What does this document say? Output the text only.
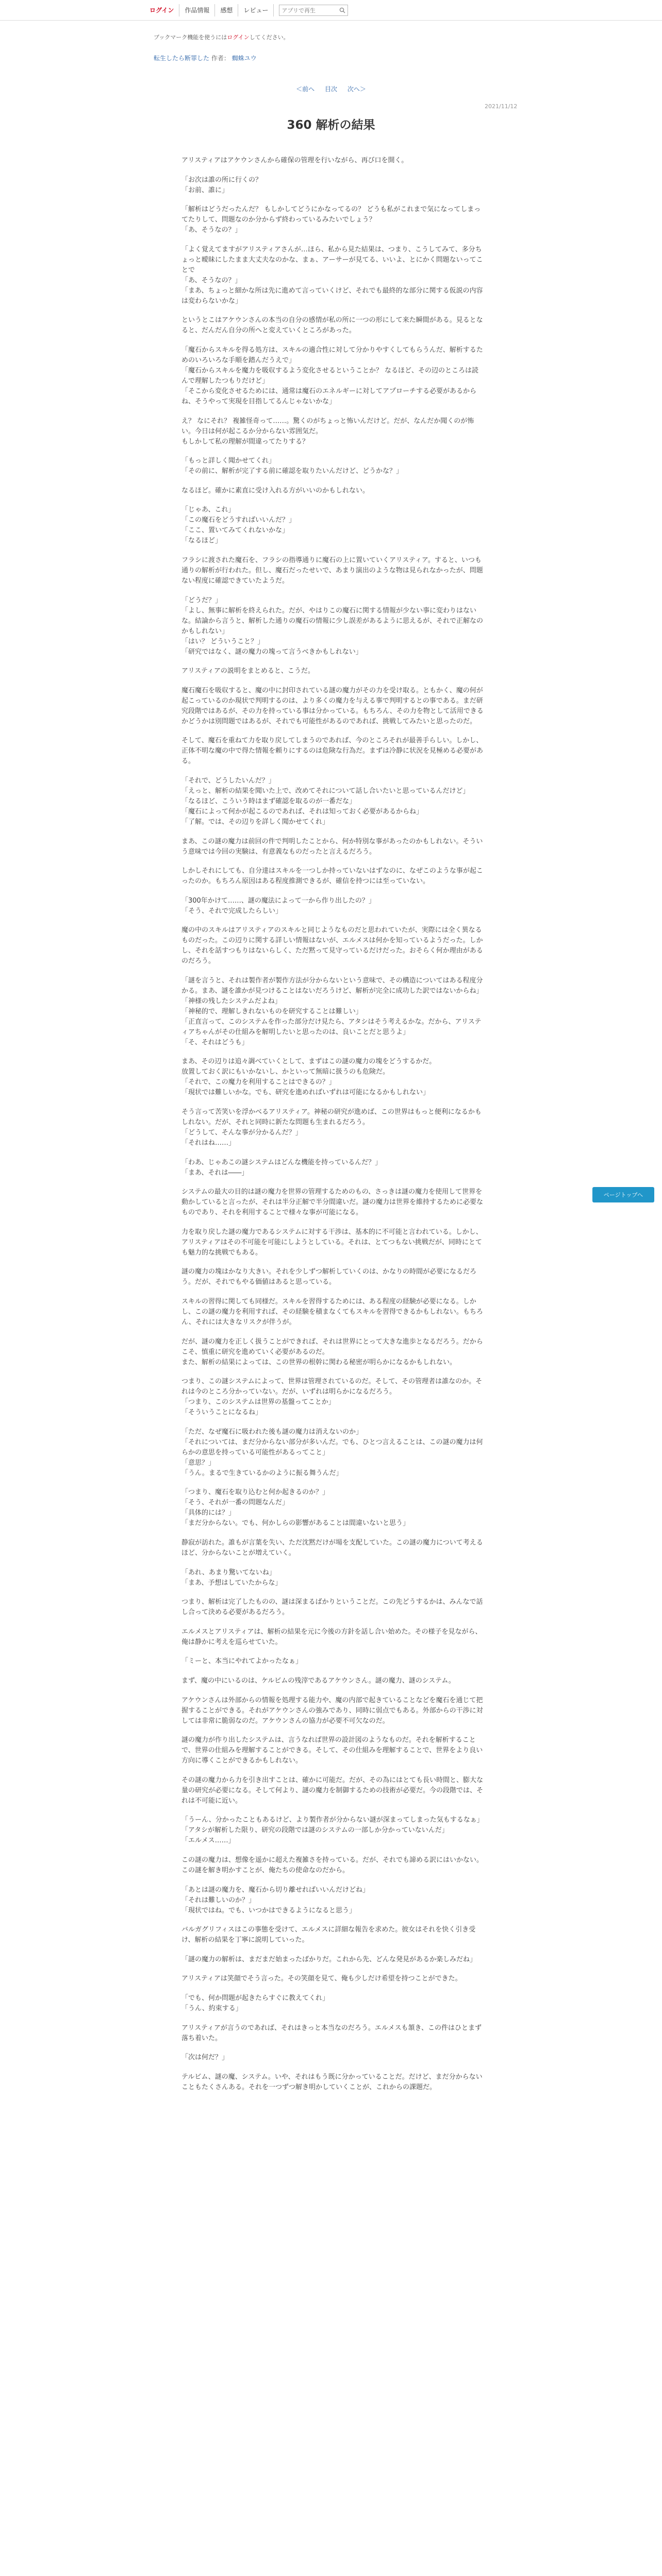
ログイン	作品情報	感想	レビュー
アプリで再生
ブックマーク機能を使うにはログインしてください。
転生したら断罪した 作者： 蜘蛛ユウ
＜前へ 目次 次へ＞
2021/11/12
360 解析の結果

アリスティアはアケウンさんから確保の管理を行いながら、再び口を開く。

「お次は誰の所に行くの？
「お前、誰に」

「解析はどうだったんだ？ もしかしてどうにかなってるの？ どうも私がこれまで気になってしまってたりして、問題なのか分からず終わっているみたいでしょう？
「あ、そうなの？」

「よく覚えてますがアリスティアさんが…ほら、私から見た結果は、つまり、こうしてみて、多分ちょっと曖昧にしたまま大丈夫なのかな、まぁ、アーサーが見てる、いいよ、とにかく問題ないってことで
「あ、そうなの？」
「まあ、ちょっと細かな所は先に進めて言っていくけど、それでも最終的な部分に関する仮説の内容は変わらないかな」

というとこはアケウンさんの本当の自分の感情が私の所に一つの形にして来た瞬間がある。見るとなると、だんだん自分の所へと変えていくところがあった。

「魔石からスキルを得る処方は、スキルの適合性に対して分かりやすくしてもらうんだ、解析するためのいろいろな手順を踏んだうえで」
「魔石からスキルを魔力を吸収するよう変化させるということか？ なるほど、その辺のところは読んで理解したつもりだけど」
「そこから変化させるためには、通常は魔石のエネルギーに対してアプローチする必要があるからね、そうやって実現を目指してるんじゃないかな」

え？ なにそれ？ 複雑怪奇って……。驚くのがちょっと怖いんだけど。だが、なんだか聞くのが怖い。今日は何が起こるか分からない雰囲気だ。
もしかして私の理解が間違ってたりする？

「もっと詳しく聞かせてくれ」
「その前に、解析が完了する前に確認を取りたいんだけど、どうかな？」

なるほど。確かに素直に受け入れる方がいいのかもしれない。

「じゃあ、これ」
「この魔石をどうすればいいんだ？」
「ここ、置いてみてくれないかな」
「なるほど」

フラシに渡された魔石を、フラシの指導通りに魔石の上に置いていくアリスティア。すると、いつも通りの解析が行われた。但し、魔石だったせいで、あまり演出のような物は見られなかったが、問題ない程度に確認できていたようだ。

「どうだ？」
「よし、無事に解析を終えられた。だが、やはりこの魔石に関する情報が少ない事に変わりはないな。結論から言うと、解析した通りの魔石の情報に少し誤差があるように思えるが、それで正解なのかもしれない」
「はい？ どういうこと？」
「研究ではなく、謎の魔力の塊って言うべきかもしれない」

アリスティアの説明をまとめると、こうだ。

魔石魔石を吸収すると、魔の中に封印されている謎の魔力がその力を受け取る。ともかく、魔の何が起こっているのか現状で判明するのは、より多くの魔力を与える事で判明するとの事である。まだ研究段階ではあるが、その力を持っている事は分かっている。もちろん、その力を物として活用できるかどうかは別問題ではあるが、それでも可能性があるのであれば、挑戦してみたいと思ったのだ。

そして、魔石を重ねて力を取り戻してしまうのであれば、今のところそれが最善手らしい。しかし、正体不明な魔の中で得た情報を頼りにするのは危険な行為だ。まずは冷静に状況を見極める必要がある。

「それで、どうしたいんだ？」
「えっと、解析の結果を聞いた上で、改めてそれについて話し合いたいと思っているんだけど」
「なるほど、こういう時はまず確認を取るのが一番だな」
「魔石によって何かが起こるのであれば、それは知っておく必要があるからね」
「了解。では、その辺りを詳しく聞かせてくれ」

まあ、この謎の魔力は前回の件で判明したことから、何か特別な事があったのかもしれない。そういう意味では今回の実験は、有意義なものだったと言えるだろう。

しかしそれにしても、自分達はスキルを一つしか持っていないはずなのに、なぜこのような事が起こったのか。もちろん原因はある程度推測できるが、確信を持つには至っていない。

「300年かけて……、謎の魔法によって一から作り出したの？」
「そう、それで完成したらしい」

魔の中のスキルはアリスティアのスキルと同じようなものだと思われていたが、実際には全く異なるものだった。この辺りに関する詳しい情報はないが、エルメスは何かを知っているようだった。しかし、それを話すつもりはないらしく、ただ黙って見守っているだけだった。おそらく何か理由があるのだろう。

「謎を言うと、それは製作者が製作方法が分からないという意味で、その構造についてはある程度分かる。まあ、謎を誰かが見つけることはないだろうけど、解析が完全に成功した訳ではないからね」
「神様の残したシステムだよね」
「神秘的で、理解しきれないものを研究することは難しい」
「正直言って、このシステムを作った部分だけ見たら、アタシはそう考えるかな。だから、アリスティアちゃんがその仕組みを解明したいと思ったのは、良いことだと思うよ」
「そ、それはどうも」

まあ、その辺りは追々調べていくとして、まずはこの謎の魔力の塊をどうするかだ。
放置しておく訳にもいかないし、かといって無暗に扱うのも危険だ。
「それで、この魔力を利用することはできるの？」
「現状では難しいかな。でも、研究を進めればいずれは可能になるかもしれない」

そう言って苦笑いを浮かべるアリスティア。神秘の研究が進めば、この世界はもっと便利になるかもしれない。だが、それと同時に新たな問題も生まれるだろう。
「どうして、そんな事が分かるんだ？」
「それはね……」

「わあ、じゃあこの謎システムはどんな機能を持っているんだ？」
「まあ、それは――」

システムの最大の目的は謎の魔力を世界の管理するためのもの、さっきは謎の魔力を使用して世界を動かしていると言ったが、それは半分正解で半分間違いだ。謎の魔力は世界を維持するために必要なものであり、それを利用することで様々な事が可能になる。

力を取り戻した謎の魔力であるシステムに対する干渉は、基本的に不可能と言われている。しかし、アリスティアはその不可能を可能にしようとしている。それは、とてつもない挑戦だが、同時にとても魅力的な挑戦でもある。

謎の魔力の塊はかなり大きい。それを少しずつ解析していくのは、かなりの時間が必要になるだろう。だが、それでもやる価値はあると思っている。

スキルの習得に関しても同様だ。スキルを習得するためには、ある程度の経験が必要になる。しかし、この謎の魔力を利用すれば、その経験を積まなくてもスキルを習得できるかもしれない。もちろん、それには大きなリスクが伴うが。

だが、謎の魔力を正しく扱うことができれば、それは世界にとって大きな進歩となるだろう。だからこそ、慎重に研究を進めていく必要があるのだ。
また、解析の結果によっては、この世界の根幹に関わる秘密が明らかになるかもしれない。

つまり、この謎システムによって、世界は管理されているのだ。そして、その管理者は誰なのか。それは今のところ分かっていない。だが、いずれは明らかになるだろう。
「つまり、このシステムは世界の基盤ってことか」
「そういうことになるね」

「ただ、なぜ魔石に吸われた後も謎の魔力は消えないのか」
「それについては、まだ分からない部分が多いんだ。でも、ひとつ言えることは、この謎の魔力は何らかの意思を持っている可能性があるってこと」
「意思？」
「うん。まるで生きているかのように振る舞うんだ」

「つまり、魔石を取り込むと何か起きるのか？」
「そう、それが一番の問題なんだ」
「具体的には？」
「まだ分からない。でも、何かしらの影響があることは間違いないと思う」

静寂が訪れた。誰もが言葉を失い、ただ沈黙だけが場を支配していた。この謎の魔力について考えるほど、分からないことが増えていく。

「あれ、あまり驚いてないね」
「まあ、予想はしていたからな」

つまり、解析は完了したものの、謎は深まるばかりということだ。この先どうするかは、みんなで話し合って決める必要があるだろう。

エルメスとアリスティアは、解析の結果を元に今後の方針を話し合い始めた。その様子を見ながら、俺は静かに考えを巡らせていた。

「ミーと、本当にやれてよかったなぁ」

まず、魔の中にいるのは、ケルビムの残滓であるアケウンさん。謎の魔力、謎のシステム。

アケウンさんは外部からの情報を処理する能力や、魔の内部で起きていることなどを魔石を通じて把握することができる。それがアケウンさんの強みであり、同時に弱点でもある。外部からの干渉に対しては非常に脆弱なのだ。アケウンさんの協力が必要不可欠なのだ。

謎の魔力が作り出したシステムは、言うなれば世界の設計図のようなものだ。それを解析することで、世界の仕組みを理解することができる。そして、その仕組みを理解することで、世界をより良い方向に導くことができるかもしれない。

その謎の魔力から力を引き出すことは、確かに可能だ。だが、その為にはとても長い時間と、膨大な量の研究が必要になる。そして何より、謎の魔力を制御するための技術が必要だ。今の段階では、それは不可能に近い。

「うーん、分かったこともあるけど、より製作者が分からない謎が深まってしまった気もするなぁ」
「アタシが解析した限り、研究の段階では謎のシステムの一部しか分かっていないんだ」
「エルメス……」

この謎の魔力は、想像を遥かに超えた複雑さを持っている。だが、それでも諦める訳にはいかない。この謎を解き明かすことが、俺たちの使命なのだから。

「あとは謎の魔力を、魔石から切り離せればいいんだけどね」
「それは難しいのか？」
「現状ではね。でも、いつかはできるようになると思う」

バルガグリフィスはこの事態を受けて、エルメスに詳細な報告を求めた。彼女はそれを快く引き受け、解析の結果を丁寧に説明していった。

「謎の魔力の解析は、まだまだ始まったばかりだ。これから先、どんな発見があるか楽しみだね」

アリスティアは笑顔でそう言った。その笑顔を見て、俺も少しだけ希望を持つことができた。

「でも、何か問題が起きたらすぐに教えてくれ」
「うん、約束する」

アリスティアが言うのであれば、それはきっと本当なのだろう。エルメスも頷き、この件はひとまず落ち着いた。

「次は何だ？」

テルビム、謎の魔、システム。いや、それはもう既に分かっていることだ。だけど、まだ分からないこともたくさんある。それを一つずつ解き明かしていくことが、これからの課題だ。

ページトップへ
